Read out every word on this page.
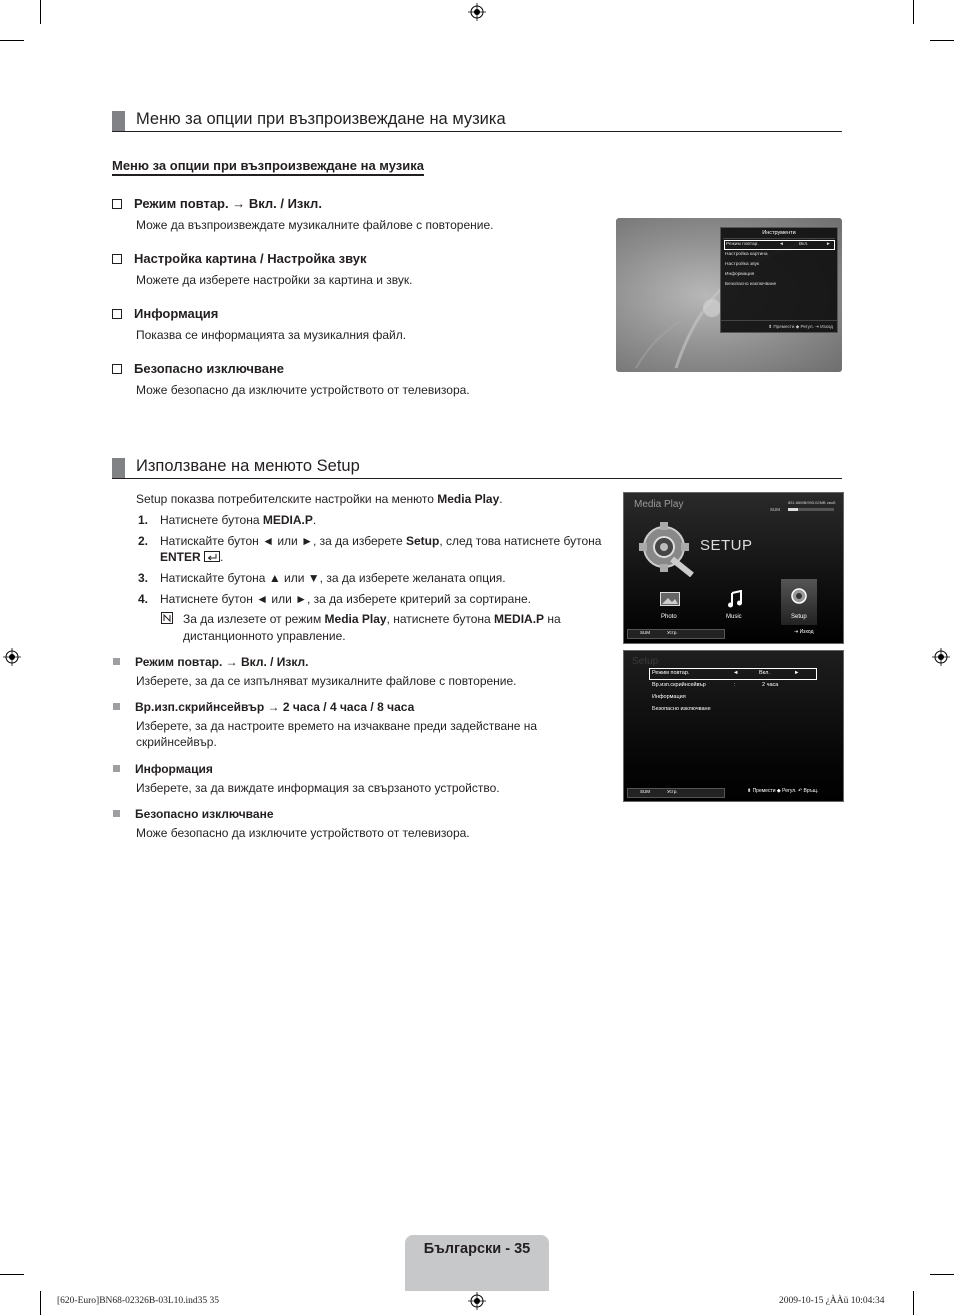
Меню за опции при възпроизвеждане на музика
Меню за опции при възпроизвеждане на музика
Режим повтар. → Вкл. / Изкл.
Може да възпроизвеждате музикалните файлове с повторение.
Настройка картина / Настройка звук
Можете да изберете настройки за картина и звук.
Информация
Показва се информацията за музикалния файл.
Безопасно изключване
Може безопасно да изключите устройството от телевизора.
Инструменти
Режим повтар.	◄	Вкл.	►
Настройка картина
Настройка звук
Информация
Безопасно изключване
⬍ Премести ◆ Регул. ⇥ Изход
Използване на менюто Setup
Setup показва потребителските настройки на менюто Media Play.
1. Натиснете бутона MEDIA.P.
2. Натискайте бутон ◄ или ►, за да изберете Setup, след това натиснете бутона
ENTER .
3. Натискайте бутона ▲ или ▼, за да изберете желаната опция.
4. Натиснете бутон ◄ или ►, за да изберете критерий за сортиране.
За да излезете от режим Media Play, натиснете бутона MEDIA.P на
дистанционното управление.
Режим повтар. → Вкл. / Изкл.
Изберете, за да се изпълняват музикалните файлове с повторение.
Вр.изп.скрийнсейвър → 2 часа / 4 часа / 8 часа
Изберете, за да настроите времето на изчакване преди задействане на
скрийнсейвър.
Информация
Изберете, за да виждате информация за свързаното устройство.
Безопасно изключване
Може безопасно да изключите устройството от телевизора.
Media Play	851.86MB/993.02MB своб.
SUM
SETUP
Photo	Music	Setup
SUM	Устр.	⇥ Изход
Setup
Режим повтар.	◄	Вкл.	►
Вр.изп.скрийнсейвър	:	2 часа
Информация
Безопасно изключване
SUM	Устр.	⬍ Премести ◆ Регул. ↶ Връщ.
Български - 35
[620-Euro]BN68-02326B-03L10.ind35 35	2009-10-15 ¿ÀÀü 10:04:34
